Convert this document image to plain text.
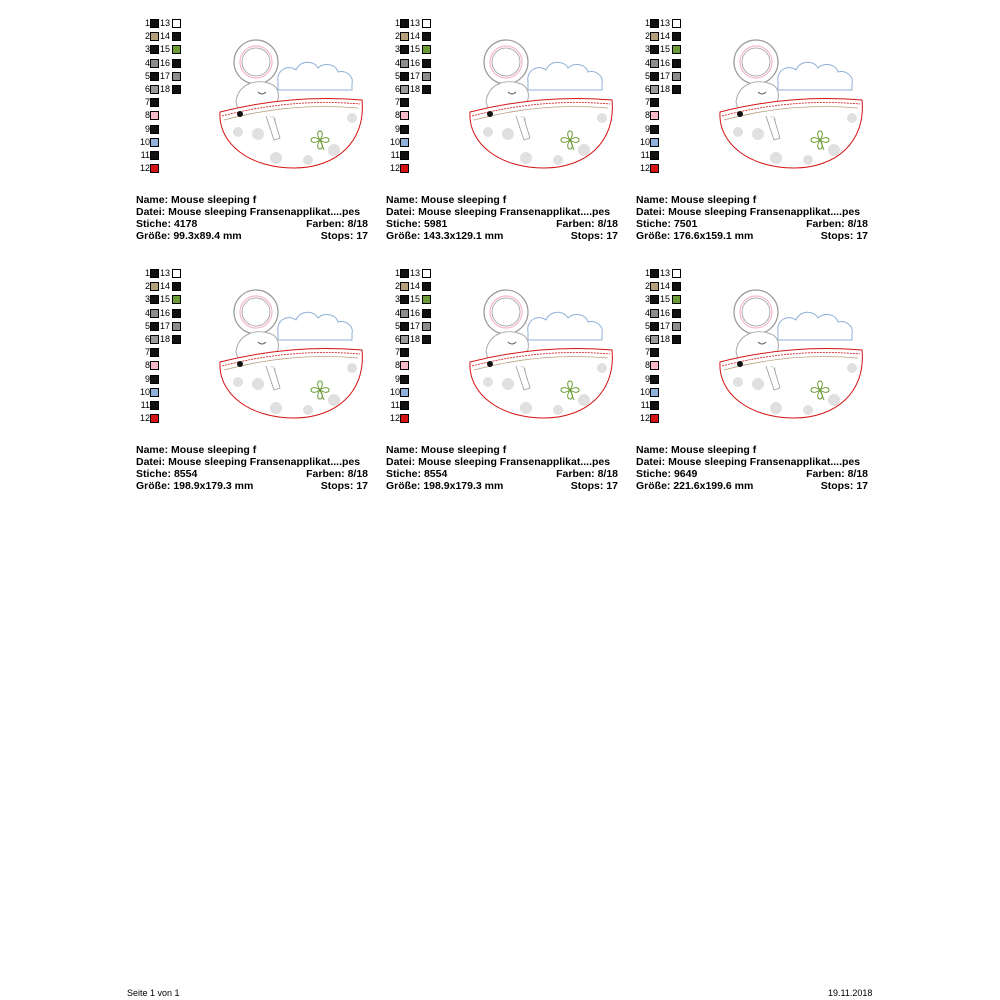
1 13
2 14
3 15
4 16
5 17
6 18
7
8
9
10
11
12
Name: Mouse sleeping f
Datei: Mouse sleeping Fransenapplikat....pes
Stiche: 4178	Farben: 8/18
Größe: 99.3x89.4 mm	Stops: 17
1 13
2 14
3 15
4 16
5 17
6 18
7
8
9
10
11
12
Name: Mouse sleeping f
Datei: Mouse sleeping Fransenapplikat....pes
Stiche: 5981	Farben: 8/18
Größe: 143.3x129.1 mm	Stops: 17
1 13
2 14
3 15
4 16
5 17
6 18
7
8
9
10
11
12
Name: Mouse sleeping f
Datei: Mouse sleeping Fransenapplikat....pes
Stiche: 7501	Farben: 8/18
Größe: 176.6x159.1 mm	Stops: 17
1 13
2 14
3 15
4 16
5 17
6 18
7
8
9
10
11
12
Name: Mouse sleeping f
Datei: Mouse sleeping Fransenapplikat....pes
Stiche: 8554	Farben: 8/18
Größe: 198.9x179.3 mm	Stops: 17
1 13
2 14
3 15
4 16
5 17
6 18
7
8
9
10
11
12
Name: Mouse sleeping f
Datei: Mouse sleeping Fransenapplikat....pes
Stiche: 8554	Farben: 8/18
Größe: 198.9x179.3 mm	Stops: 17
1 13
2 14
3 15
4 16
5 17
6 18
7
8
9
10
11
12
Name: Mouse sleeping f
Datei: Mouse sleeping Fransenapplikat....pes
Stiche: 9649	Farben: 8/18
Größe: 221.6x199.6 mm	Stops: 17
Seite 1 von 1	19.11.2018
